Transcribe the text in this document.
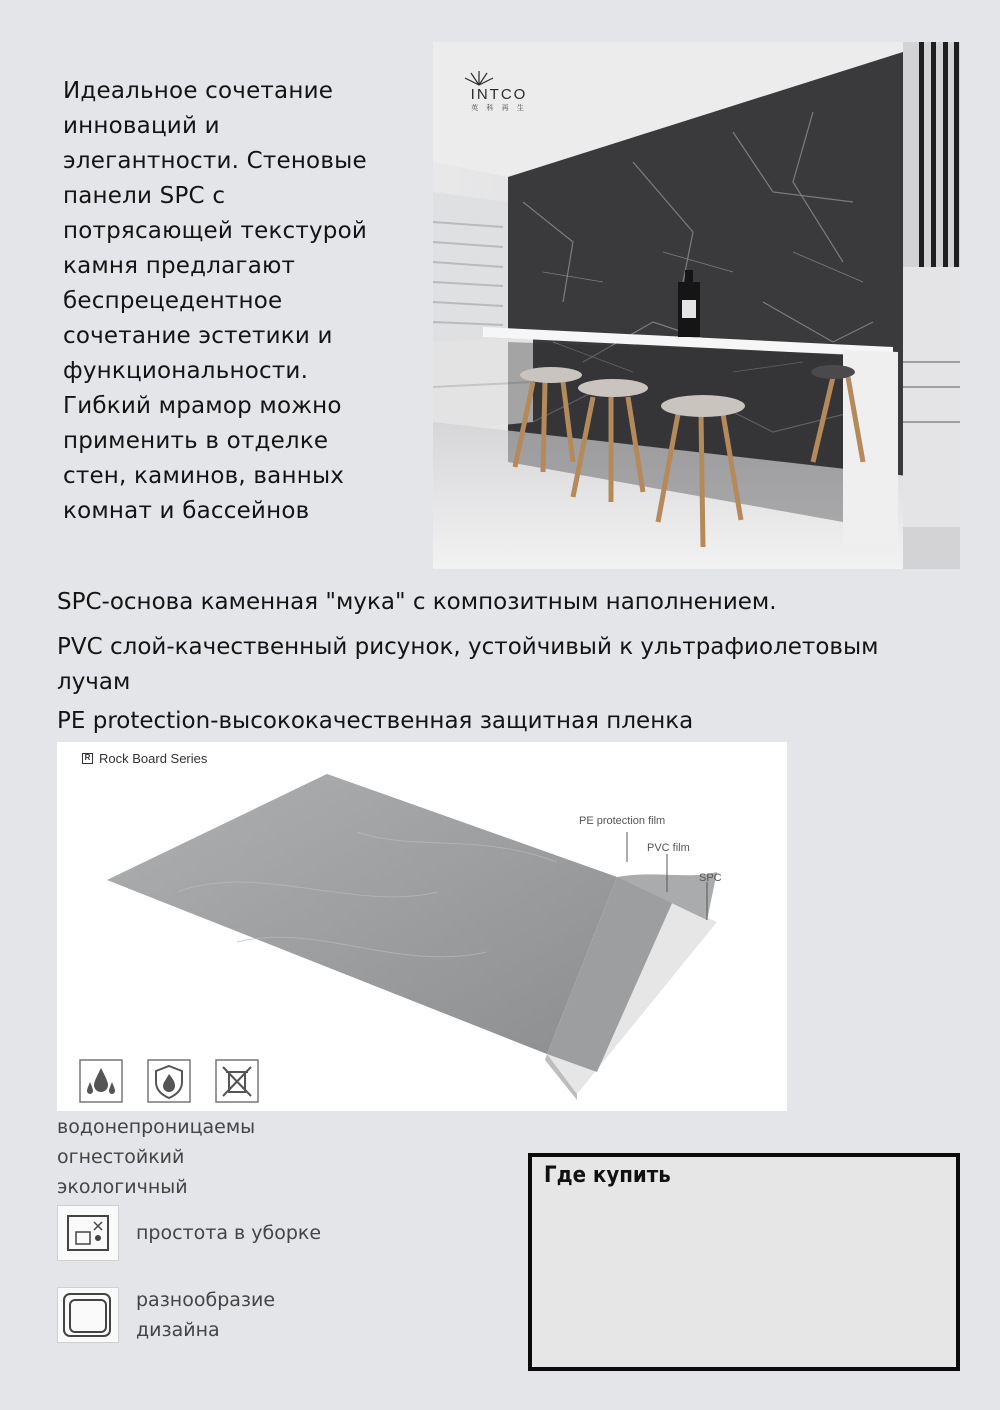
Идеальное сочетание
инноваций и
элегантности. Стеновые
панели SPC с
потрясающей текстурой
камня предлагают
беспрецедентное
сочетание эстетики и
функциональности.
Гибкий мрамор можно
применить в отделке
стен, каминов, ванных
комнат и бассейнов

INTCO
英 科 再 生

SPC-основа каменная "мука" с композитным наполнением.

PVC слой-качественный рисунок, устойчивый к ультрафиолетовым лучам

PE protection-высококачественная защитная пленка

R Rock Board Series
PE protection film
PVC film
SPC
водонепроницаемы
огнестойкий
экологичный
простота в уборке
разнообразие дизайна
Где купить
